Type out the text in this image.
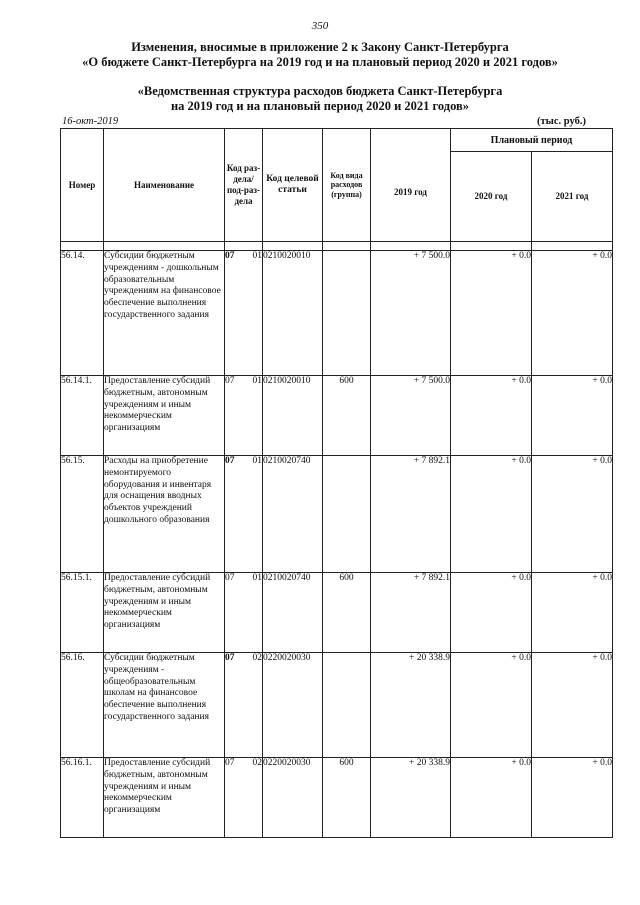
350
Изменения, вносимые в приложение 2 к Закону Санкт-Петербурга
«О бюджете Санкт-Петербурга на 2019 год и на плановый период 2020 и 2021 годов»
«Ведомственная структура расходов бюджета Санкт-Петербурга
на 2019 год и на плановый период 2020 и 2021 годов»
16-окт-2019	(тыс. руб.)
Номер	Наименование	Код раз-дела/ под-раз-дела	Код целевой статьи	Код вида расходов (группа)	2019 год	Плановый период	
						2020 год	2021 год

56.14.	Субсидии бюджетным учреждениям - дошкольным образовательным учреждениям на финансовое обеспечение выполнения государственного задания	07 01	0210020010		+ 7 500.0	+ 0.0	+ 0.0
56.14.1.	Предоставление субсидий бюджетным, автономным учреждениям и иным некоммерческим организациям	07 01	0210020010	600	+ 7 500.0	+ 0.0	+ 0.0
56.15.	Расходы на приобретение немонтируемого оборудования и инвентаря для оснащения вводных объектов учреждений дошкольного образования	07 01	0210020740		+ 7 892.1	+ 0.0	+ 0.0
56.15.1.	Предоставление субсидий бюджетным, автономным учреждениям и иным некоммерческим организациям	07 01	0210020740	600	+ 7 892.1	+ 0.0	+ 0.0
56.16.	Субсидии бюджетным учреждениям - общеобразовательным школам на финансовое обеспечение выполнения государственного задания	07 02	0220020030		+ 20 338.9	+ 0.0	+ 0.0
56.16.1.	Предоставление субсидий бюджетным, автономным учреждениям и иным некоммерческим организациям	07 02	0220020030	600	+ 20 338.9	+ 0.0	+ 0.0
